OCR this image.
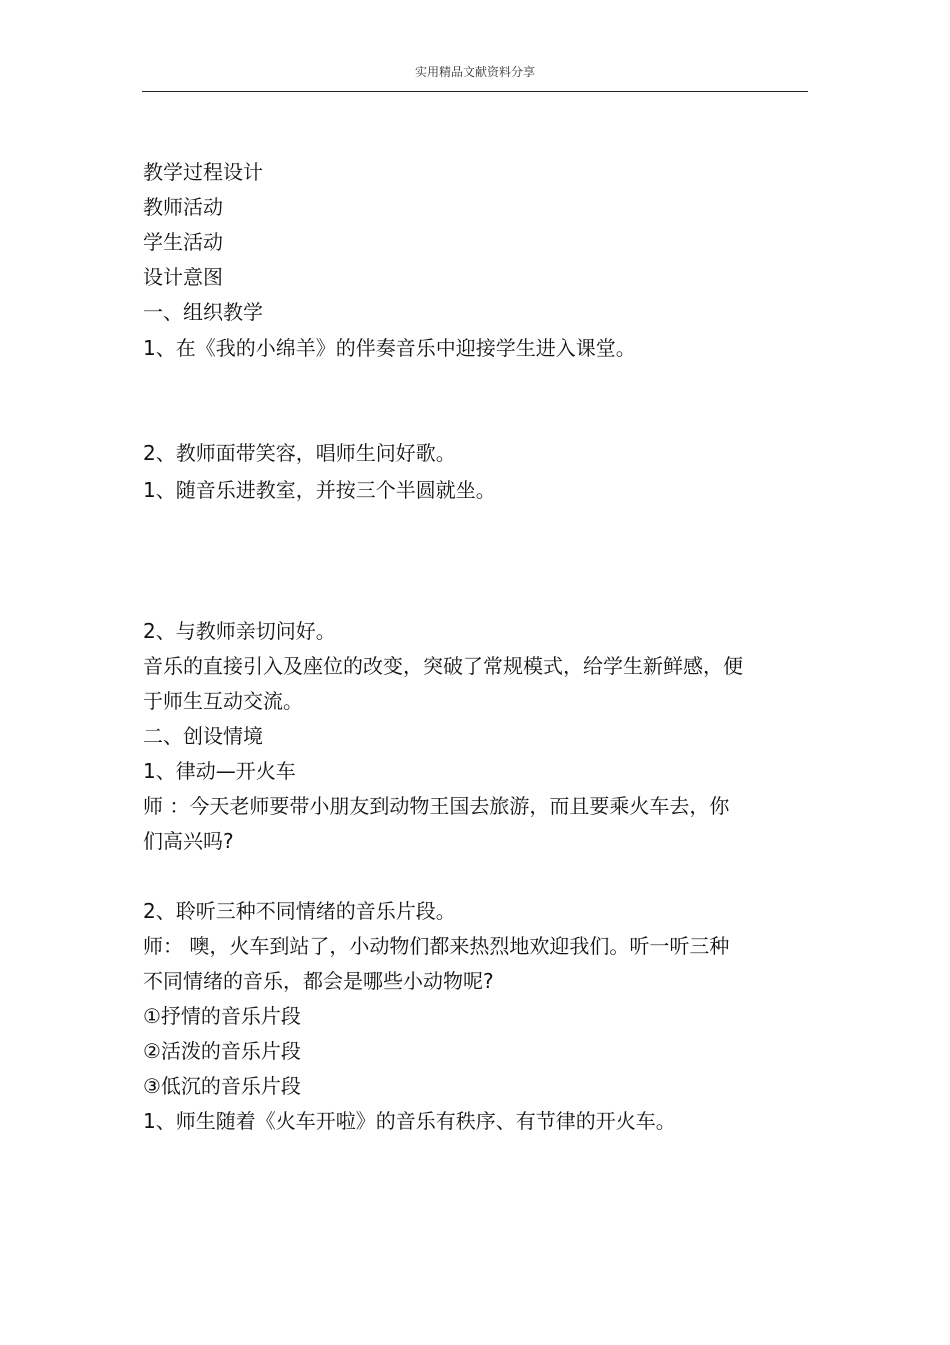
实用精品文献资料分享
教学过程设计
教师活动
学生活动
设计意图
一、组织教学
1、在《我的小绵羊》的伴奏音乐中迎接学生进入课堂。
2、教师面带笑容，唱师生问好歌。
1、随音乐进教室，并按三个半圆就坐。
2、与教师亲切问好。
音乐的直接引入及座位的改变，突破了常规模式，给学生新鲜感，便
于师生互动交流。
二、创设情境
1、律动—开火车
师 ：今天老师要带小朋友到动物王国去旅游，而且要乘火车去，你
们高兴吗?
2、聆听三种不同情绪的音乐片段。
师： 噢，火车到站了，小动物们都来热烈地欢迎我们。听一听三种
不同情绪的音乐，都会是哪些小动物呢?
①抒情的音乐片段
②活泼的音乐片段
③低沉的音乐片段
1、师生随着《火车开啦》的音乐有秩序、有节律的开火车。
